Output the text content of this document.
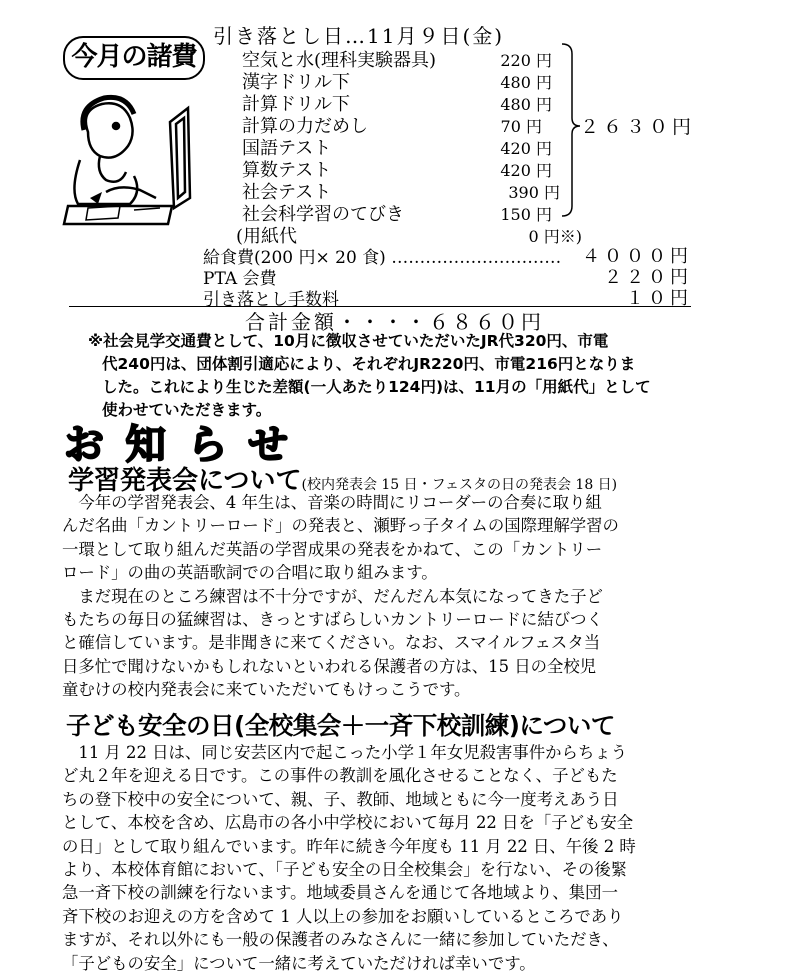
今月の諸費
引き落とし日…11月９日(金)
空気と水(理科実験器具)	220 円
漢字ドリル下	480 円
計算ドリル下	480 円
計算の力だめし	70 円
国語テスト	420 円
算数テスト	420 円
社会テスト	390 円
社会科学習のてびき	150 円
(用紙代	0 円※)
２６３０円
給食費(200 円× 20 食) …………………………	４０００円
PTA 会費	２２０円
引き落とし手数料	１０円
合計金額・・・・６８６０円

※社会見学交通費として、10月に徴収させていただいたJR代320円、市電

代240円は、団体割引適応により、それぞれJR220円、市電216円となりま

した。これにより生じた差額(一人あたり124円)は、11月の「用紙代」として

使わせていただきます。

お知らせ
学習発表会について(校内発表会 15 日・フェスタの日の発表会 18 日)
今年の学習発表会、4 年生は、音楽の時間にリコーダーの合奏に取り組
んだ名曲「カントリーロード」の発表と、瀬野っ子タイムの国際理解学習の
一環として取り組んだ英語の学習成果の発表をかねて、この「カントリー
ロード」の曲の英語歌詞での合唱に取り組みます。
まだ現在のところ練習は不十分ですが、だんだん本気になってきた子ど
もたちの毎日の猛練習は、きっとすばらしいカントリーロードに結びつく
と確信しています。是非聞きに来てください。なお、スマイルフェスタ当
日多忙で聞けないかもしれないといわれる保護者の方は、15 日の全校児
童むけの校内発表会に来ていただいてもけっこうです。
子ども安全の日(全校集会＋一斉下校訓練)について
11 月 22 日は、同じ安芸区内で起こった小学１年女児殺害事件からちょう
ど丸２年を迎える日です。この事件の教訓を風化させることなく、子どもた
ちの登下校中の安全について、親、子、教師、地域ともに今一度考えあう日
として、本校を含め、広島市の各小中学校において毎月 22 日を「子ども安全
の日」として取り組んでいます。昨年に続き今年度も 11 月 22 日、午後 2 時
より、本校体育館において、「子ども安全の日全校集会」を行ない、その後緊
急一斉下校の訓練を行ないます。地域委員さんを通じて各地域より、集団一
斉下校のお迎えの方を含めて 1 人以上の参加をお願いしているところであり
ますが、それ以外にも一般の保護者のみなさんに一緒に参加していただき、
「子どもの安全」について一緒に考えていただければ幸いです。
